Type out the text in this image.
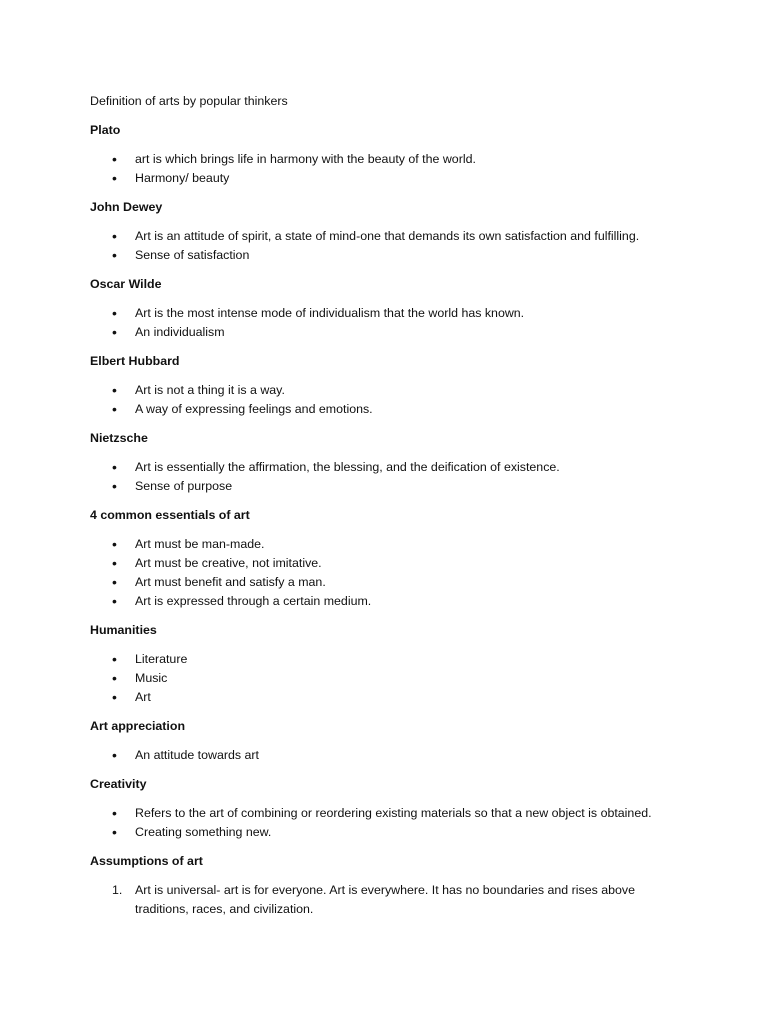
Definition of arts by popular thinkers

Plato

• art is which brings life in harmony with the beauty of the world.
• Harmony/ beauty

John Dewey

• Art is an attitude of spirit, a state of mind-one that demands its own satisfaction and fulfilling.
• Sense of satisfaction

Oscar Wilde

• Art is the most intense mode of individualism that the world has known.
• An individualism

Elbert Hubbard

• Art is not a thing it is a way.
• A way of expressing feelings and emotions.

Nietzsche

• Art is essentially the affirmation, the blessing, and the deification of existence.
• Sense of purpose

4 common essentials of art

• Art must be man-made.
• Art must be creative, not imitative.
• Art must benefit and satisfy a man.
• Art is expressed through a certain medium.

Humanities

• Literature
• Music
• Art

Art appreciation

• An attitude towards art

Creativity

• Refers to the art of combining or reordering existing materials so that a new object is obtained.
• Creating something new.

Assumptions of art

1. Art is universal- art is for everyone. Art is everywhere. It has no boundaries and rises above traditions, races, and civilization.
